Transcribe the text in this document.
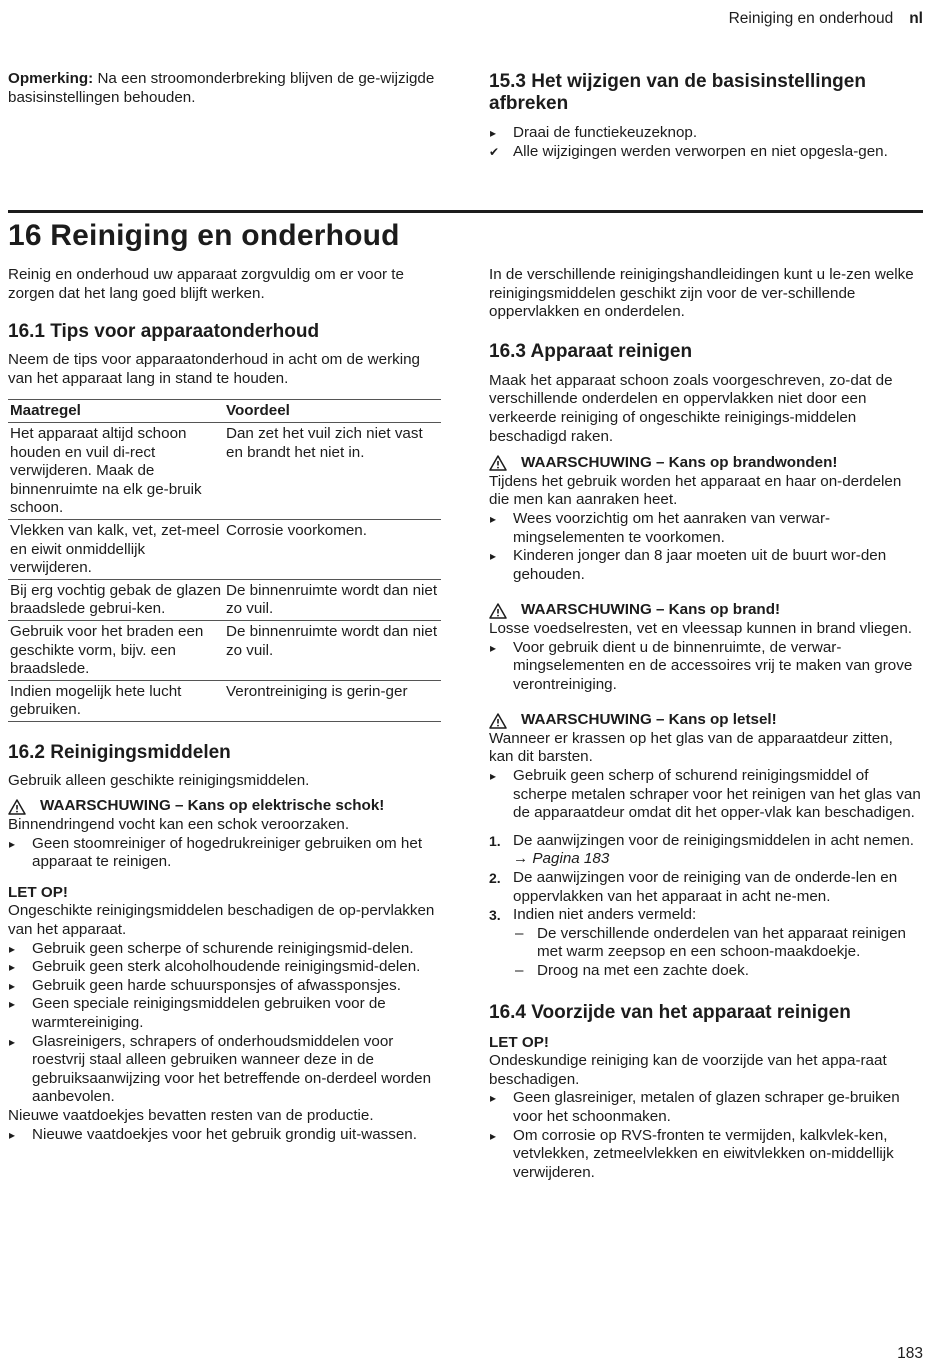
Reiniging en onderhoud nl

Opmerking: Na een stroomonderbreking blijven de ge-wijzigde basisinstellingen behouden.

15.3 Het wijzigen van de basisinstellingen afbreken

▸ Draai de functiekeuzeknop.
✔ Alle wijzigingen werden verworpen en niet opgesla-gen.

16 Reiniging en onderhoud

Reinig en onderhoud uw apparaat zorgvuldig om er voor te zorgen dat het lang goed blijft werken.

16.1 Tips voor apparaatonderhoud

Neem de tips voor apparaatonderhoud in acht om de werking van het apparaat lang in stand te houden.

Maatregel	Voordeel
Het apparaat altijd schoon houden en vuil di-rect verwijderen. Maak de binnenruimte na elk ge-bruik schoon.	Dan zet het vuil zich niet vast en brandt het niet in.
Vlekken van kalk, vet, zet-meel en eiwit onmiddellijk verwijderen.	Corrosie voorkomen.
Bij erg vochtig gebak de glazen braadslede gebrui-ken.	De binnenruimte wordt dan niet zo vuil.
Gebruik voor het braden een geschikte vorm, bijv. een braadslede.	De binnenruimte wordt dan niet zo vuil.
Indien mogelijk hete lucht gebruiken.	Verontreiniging is gerin-ger

16.2 Reinigingsmiddelen

Gebruik alleen geschikte reinigingsmiddelen.

WAARSCHUWING – Kans op elektrische schok!

Binnendringend vocht kan een schok veroorzaken.

▸ Geen stoomreiniger of hogedrukreiniger gebruiken om het apparaat te reinigen.

LET OP!

Ongeschikte reinigingsmiddelen beschadigen de op-pervlakken van het apparaat.

▸ Gebruik geen scherpe of schurende reinigingsmid-delen.
▸ Gebruik geen sterk alcoholhoudende reinigingsmid-delen.
▸ Gebruik geen harde schuursponsjes of afwassponsjes.
▸ Geen speciale reinigingsmiddelen gebruiken voor de warmtereiniging.
▸ Glasreinigers, schrapers of onderhoudsmiddelen voor roestvrij staal alleen gebruiken wanneer deze in de gebruiksaanwijzing voor het betreffende on-derdeel worden aanbevolen.

Nieuwe vaatdoekjes bevatten resten van de productie.

▸ Nieuwe vaatdoekjes voor het gebruik grondig uit-wassen.

In de verschillende reinigingshandleidingen kunt u le-zen welke reinigingsmiddelen geschikt zijn voor de ver-schillende oppervlakken en onderdelen.

16.3 Apparaat reinigen

Maak het apparaat schoon zoals voorgeschreven, zo-dat de verschillende onderdelen en oppervlakken niet door een verkeerde reiniging of ongeschikte reinigings-middelen beschadigd raken.

WAARSCHUWING – Kans op brandwonden!

Tijdens het gebruik worden het apparaat en haar on-derdelen die men kan aanraken heet.

▸ Wees voorzichtig om het aanraken van verwar-mingselementen te voorkomen.
▸ Kinderen jonger dan 8 jaar moeten uit de buurt wor-den gehouden.

WAARSCHUWING – Kans op brand!

Losse voedselresten, vet en vleessap kunnen in brand vliegen.

▸ Voor gebruik dient u de binnenruimte, de verwar-mingselementen en de accessoires vrij te maken van grove verontreiniging.

WAARSCHUWING – Kans op letsel!

Wanneer er krassen op het glas van de apparaatdeur zitten, kan dit barsten.

▸ Gebruik geen scherp of schurend reinigingsmiddel of scherpe metalen schraper voor het reinigen van het glas van de apparaatdeur omdat dit het opper-vlak kan beschadigen.
1. De aanwijzingen voor de reinigingsmiddelen in acht nemen. → Pagina 183
2. De aanwijzingen voor de reiniging van de onderde-len en oppervlakken van het apparaat in acht ne-men.
3. Indien niet anders vermeld:
– De verschillende onderdelen van het apparaat reinigen met warm zeepsop en een schoon-maakdoekje.
– Droog na met een zachte doek.

16.4 Voorzijde van het apparaat reinigen

LET OP!

Ondeskundige reiniging kan de voorzijde van het appa-raat beschadigen.

▸ Geen glasreiniger, metalen of glazen schraper ge-bruiken voor het schoonmaken.
▸ Om corrosie op RVS-fronten te vermijden, kalkvlek-ken, vetvlekken, zetmeelvlekken en eiwitvlekken on-middellijk verwijderen.
183
